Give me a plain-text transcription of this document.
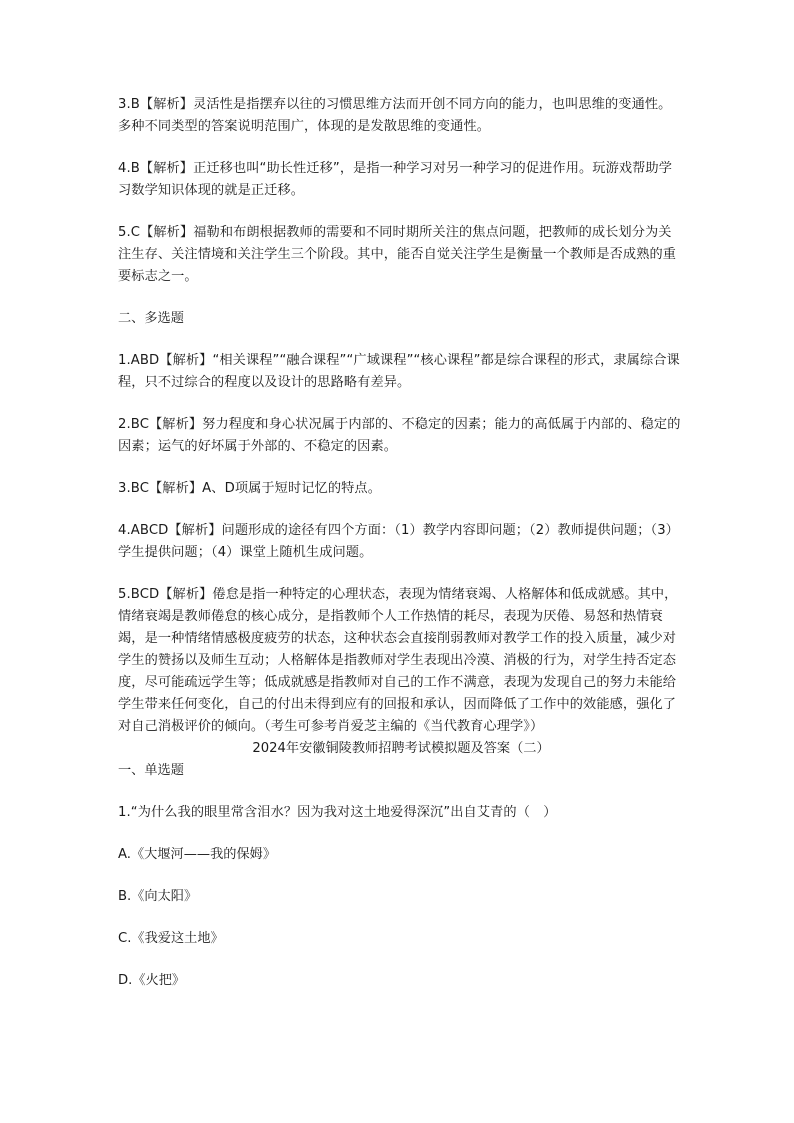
3.B【解析】灵活性是指摆弃以往的习惯思维方法而开创不同方向的能力，也叫思维的变通性。多种不同类型的答案说明范围广，体现的是发散思维的变通性。

4.B【解析】正迁移也叫“助长性迁移”，是指一种学习对另一种学习的促进作用。玩游戏帮助学习数学知识体现的就是正迁移。

5.C【解析】福勒和布朗根据教师的需要和不同时期所关注的焦点问题，把教师的成长划分为关注生存、关注情境和关注学生三个阶段。其中，能否自觉关注学生是衡量一个教师是否成熟的重要标志之一。

二、多选题

1.ABD【解析】“相关课程”“融合课程”“广域课程”“核心课程”都是综合课程的形式，隶属综合课程，只不过综合的程度以及设计的思路略有差异。

2.BC【解析】努力程度和身心状况属于内部的、不稳定的因素；能力的高低属于内部的、稳定的因素；运气的好坏属于外部的、不稳定的因素。

3.BC【解析】A、D项属于短时记忆的特点。

4.ABCD【解析】问题形成的途径有四个方面：（1）教学内容即问题；（2）教师提供问题；（3）学生提供问题；（4）课堂上随机生成问题。

5.BCD【解析】倦怠是指一种特定的心理状态，表现为情绪衰竭、人格解体和低成就感。其中，情绪衰竭是教师倦怠的核心成分，是指教师个人工作热情的耗尽，表现为厌倦、易怒和热情衰竭，是一种情绪情感极度疲劳的状态，这种状态会直接削弱教师对教学工作的投入质量，减少对学生的赞扬以及师生互动；人格解体是指教师对学生表现出冷漠、消极的行为，对学生持否定态度，尽可能疏远学生等；低成就感是指教师对自己的工作不满意，表现为发现自己的努力未能给学生带来任何变化，自己的付出未得到应有的回报和承认，因而降低了工作中的效能感，强化了对自己消极评价的倾向。（考生可参考肖爱芝主编的《当代教育心理学》）

2024年安徽铜陵教师招聘考试模拟题及答案（二）

一、单选题

1.“为什么我的眼里常含泪水？因为我对这土地爱得深沉”出自艾青的（　）

A.《大堰河——我的保姆》

B.《向太阳》

C.《我爱这土地》

D.《火把》
